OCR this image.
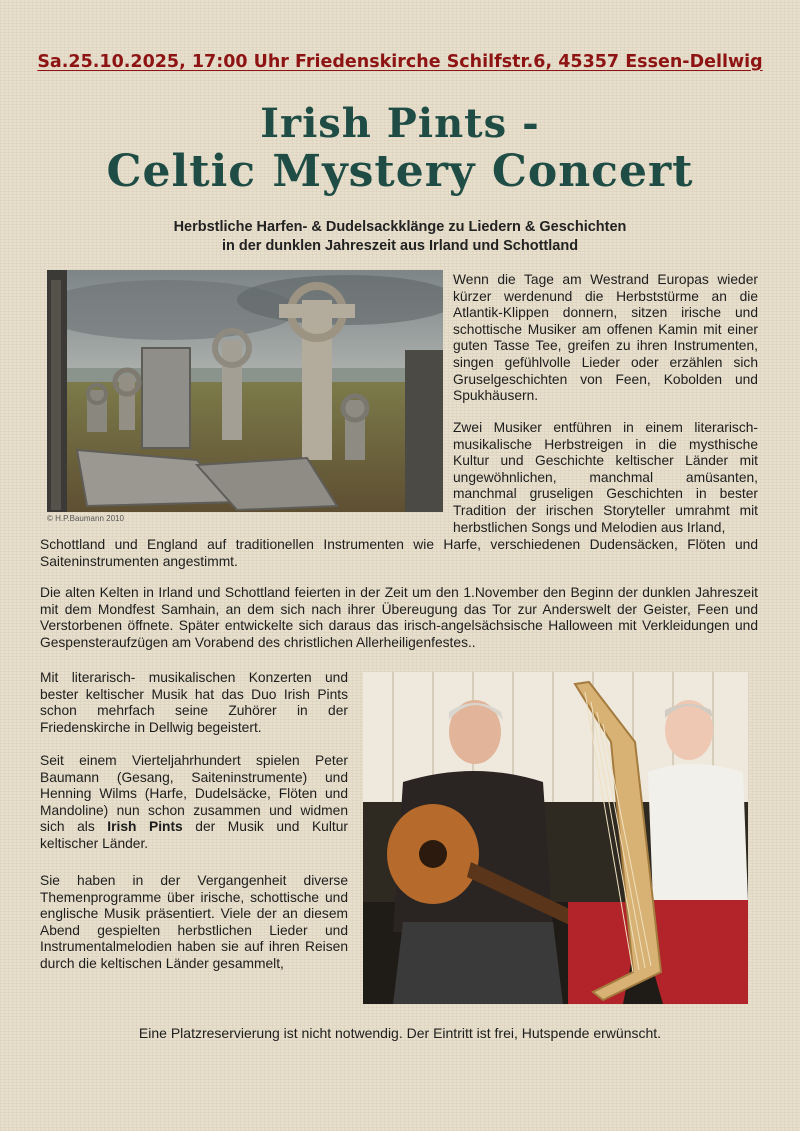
Sa.25.10.2025, 17:00 Uhr Friedenskirche Schilfstr.6, 45357 Essen-Dellwig
Irish Pints -
Celtic Mystery Concert
Herbstliche Harfen- & Dudelsackklänge zu Liedern & Geschichten
in der dunklen Jahreszeit aus Irland und Schottland
© H.P.Baumann 2010

Wenn die Tage am Westrand Europas wieder kürzer werdenund die Herbststürme an die Atlantik-Klippen donnern, sitzen irische und schottische Musiker am offenen Kamin mit einer guten Tasse Tee, greifen zu ihren Instrumenten, singen gefühlvolle Lieder oder erzählen sich Gruselgeschichten von Feen, Kobolden und Spukhäusern.

Zwei Musiker entführen in einem literarisch-musikalische Herbstreigen in die mysthische Kultur und Geschichte keltischer Länder mit ungewöhnlichen, manchmal amüsanten, manchmal gruseligen Geschichten in bester Tradition der irischen Storyteller umrahmt mit herbstlichen Songs und Melodien aus Irland,

Schottland und England auf traditionellen Instrumenten wie Harfe, verschiedenen Dudensäcken, Flöten und Saiteninstrumenten angestimmt.

Die alten Kelten in Irland und Schottland feierten in der Zeit um den 1.November den Beginn der dunklen Jahreszeit mit dem Mondfest Samhain, an dem sich nach ihrer Übereugung das Tor zur Anderswelt der Geister, Feen und Verstorbenen öffnete. Später entwickelte sich daraus das irisch-angelsächsische Halloween mit Verkleidungen und Gespensteraufzügen am Vorabend des christlichen Allerheiligenfestes..

Mit literarisch- musikalischen Konzerten und bester keltischer Musik hat das Duo Irish Pints schon mehrfach seine Zuhörer in der Friedenskirche in Dellwig begeistert.

Seit einem Vierteljahrhundert spielen Peter Baumann (Gesang, Saiteninstrumente) und Henning Wilms (Harfe, Dudelsäcke, Flöten und Mandoline) nun schon zusammen und widmen sich als Irish Pints der Musik und Kultur keltischer Länder.

Sie haben in der Vergangenheit diverse Themenprogramme über irische, schottische und englische Musik präsentiert. Viele der an diesem Abend gespielten herbstlichen Lieder und Instrumentalmelodien haben sie auf ihren Reisen durch die keltischen Länder gesammelt,

Eine Platzreservierung ist nicht notwendig. Der Eintritt ist frei, Hutspende erwünscht.
